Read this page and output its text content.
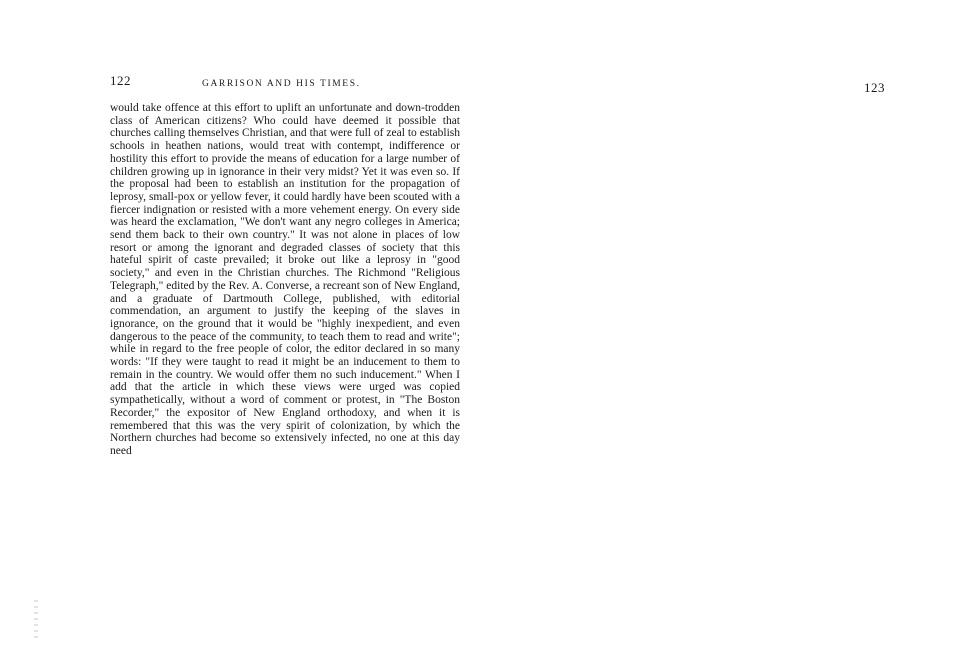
122	GARRISON AND HIS TIMES.

would take offence at this effort to uplift an unfortunate and down-trodden class of American citizens? Who could have deemed it possible that churches calling themselves Christian, and that were full of zeal to establish schools in heathen nations, would treat with contempt, indifference or hostility this effort to provide the means of education for a large number of children growing up in ignorance in their very midst? Yet it was even so. If the proposal had been to establish an institution for the propagation of leprosy, small-pox or yellow fever, it could hardly have been scouted with a fiercer indignation or resisted with a more vehement energy. On every side was heard the exclamation, "We don't want any negro colleges in America; send them back to their own country." It was not alone in places of low resort or among the ignorant and degraded classes of society that this hateful spirit of caste prevailed; it broke out like a leprosy in "good society," and even in the Christian churches. The Richmond "Religious Telegraph," edited by the Rev. A. Converse, a recreant son of New England, and a graduate of Dartmouth College, published, with editorial commendation, an argument to justify the keeping of the slaves in ignorance, on the ground that it would be "highly inexpedient, and even dangerous to the peace of the community, to teach them to read and write"; while in regard to the free people of color, the editor declared in so many words: "If they were taught to read it might be an inducement to them to remain in the country. We would offer them no such inducement." When I add that the article in which these views were urged was copied sympathetically, without a word of comment or protest, in "The Boston Recorder," the expositor of New England orthodoxy, and when it is remembered that this was the very spirit of colonization, by which the Northern churches had become so extensively infected, no one at this day need

123
